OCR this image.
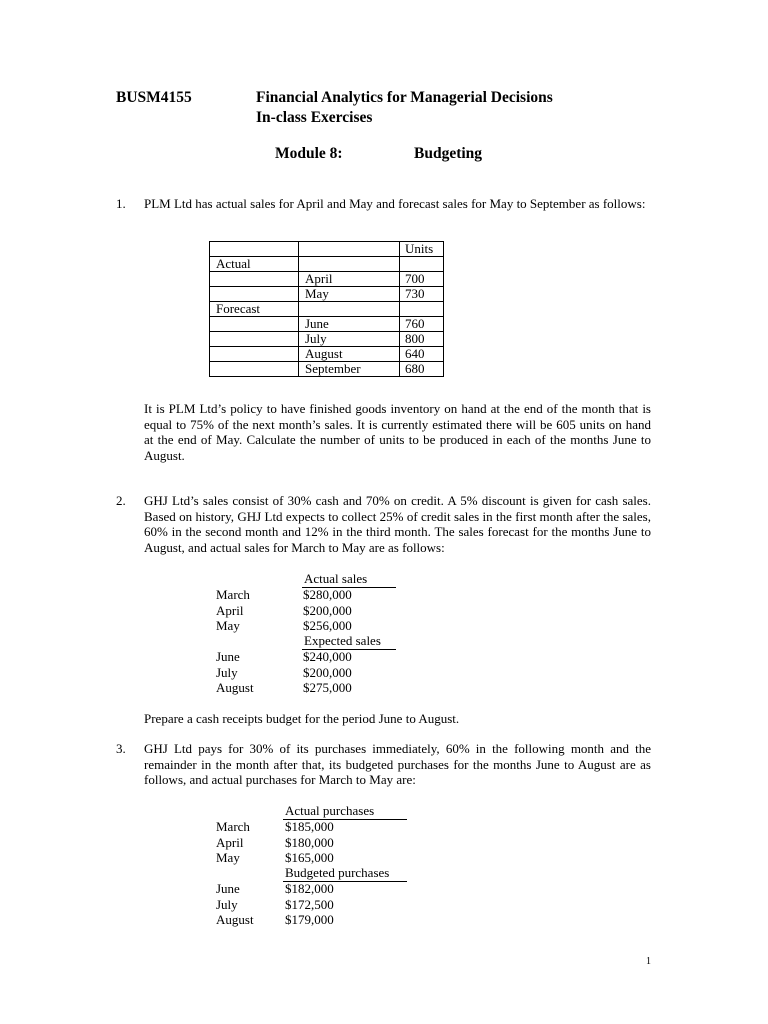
BUSM4155	Financial Analytics for Managerial Decisions
In-class Exercises
Module 8:	Budgeting
1. PLM Ltd has actual sales for April and May and forecast sales for May to September as follows:
		Units
Actual		
	April	700
	May	730
Forecast		
	June	760
	July	800
	August	640
	September	680
It is PLM Ltd’s policy to have finished goods inventory on hand at the end of the month that is equal to 75% of the next month’s sales. It is currently estimated there will be 605 units on hand at the end of May. Calculate the number of units to be produced in each of the months June to August.
2. GHJ Ltd’s sales consist of 30% cash and 70% on credit. A 5% discount is given for cash sales. Based on history, GHJ Ltd expects to collect 25% of credit sales in the first month after the sales, 60% in the second month and 12% in the third month. The sales forecast for the months June to August, and actual sales for March to May are as follows:
Actual sales
March	$280,000
April	$200,000
May	$256,000
Expected sales
June	$240,000
July	$200,000
August	$275,000
Prepare a cash receipts budget for the period June to August.
3. GHJ Ltd pays for 30% of its purchases immediately, 60% in the following month and the remainder in the month after that, its budgeted purchases for the months June to August are as follows, and actual purchases for March to May are:
Actual purchases
March	$185,000
April	$180,000
May	$165,000
Budgeted purchases
June	$182,000
July	$172,500
August $179,000
1
